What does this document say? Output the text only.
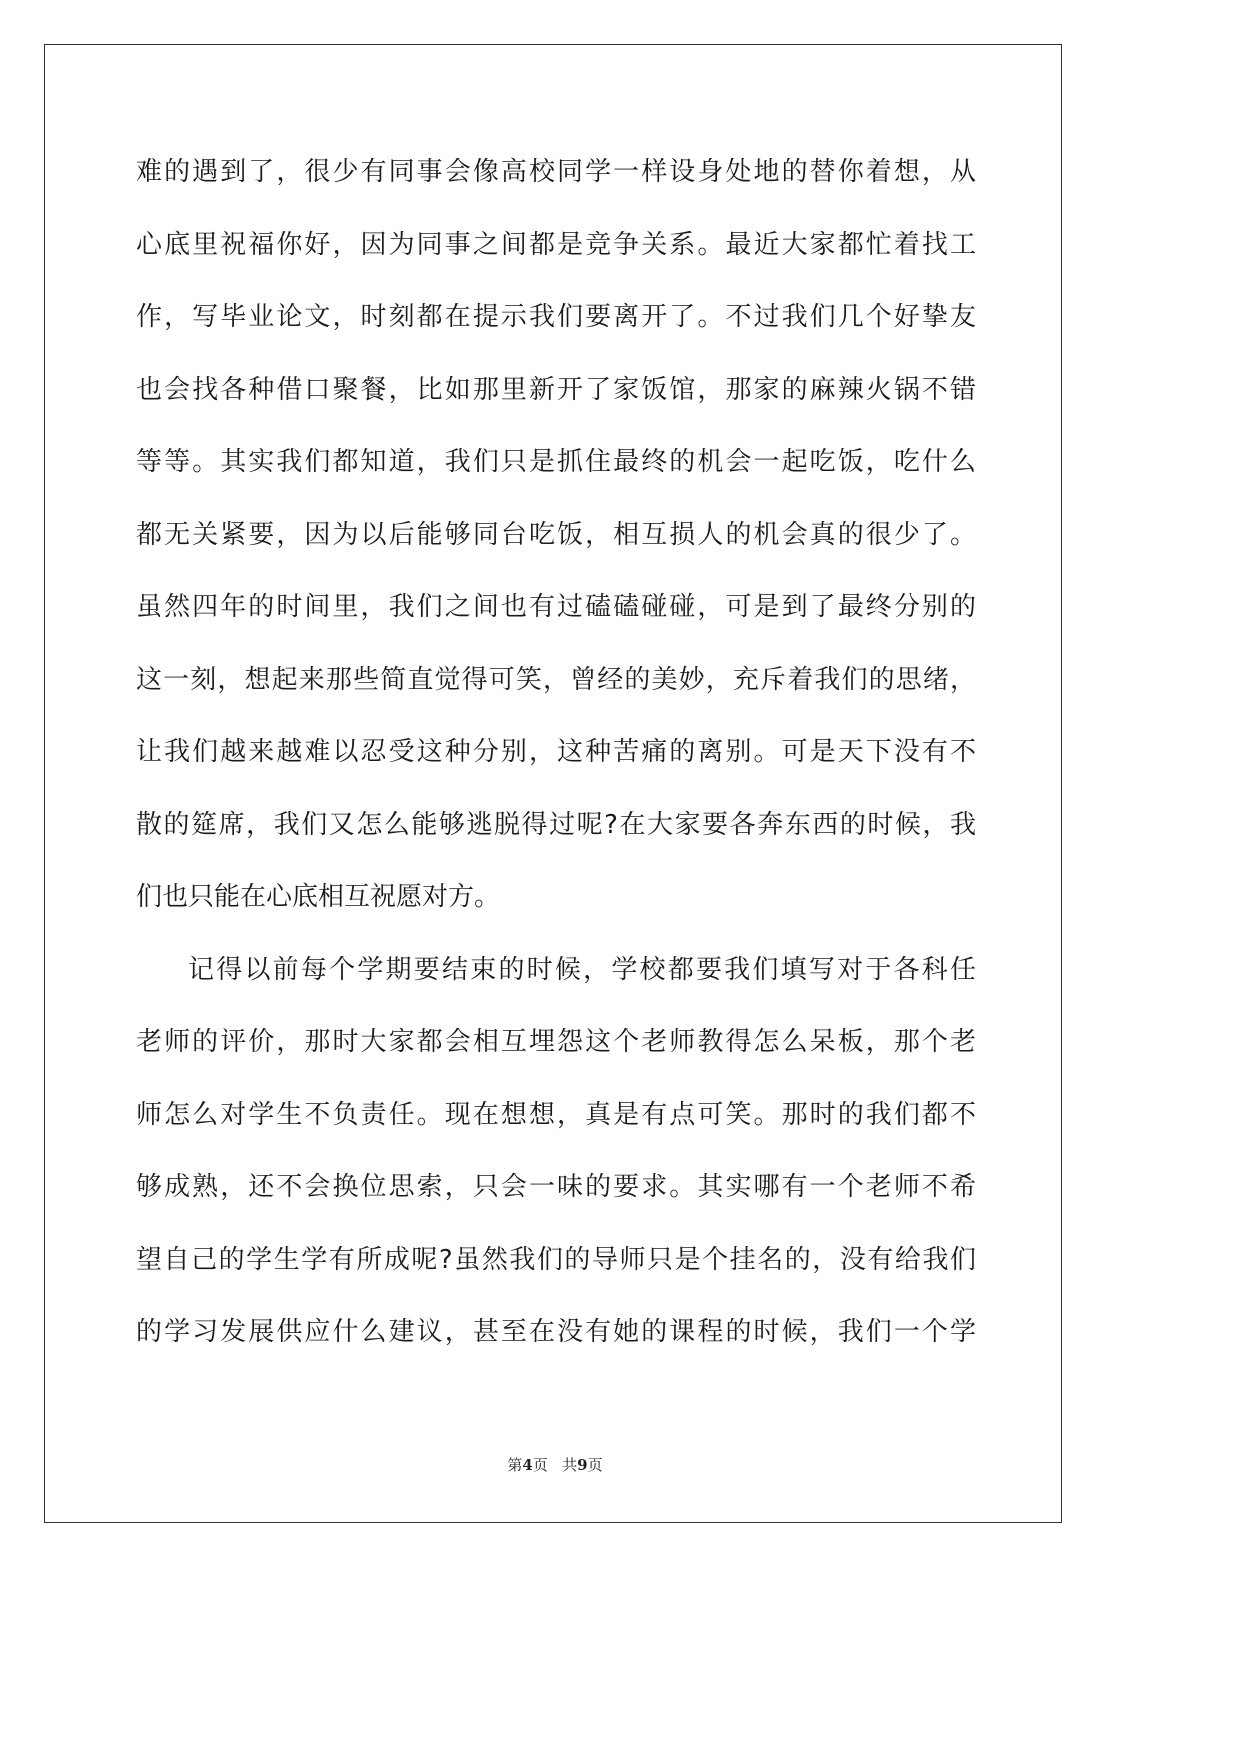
难的遇到了，很少有同事会像高校同学一样设身处地的替你着想，从
心底里祝福你好，因为同事之间都是竞争关系。最近大家都忙着找工
作，写毕业论文，时刻都在提示我们要离开了。不过我们几个好挚友
也会找各种借口聚餐，比如那里新开了家饭馆，那家的麻辣火锅不错
等等。其实我们都知道，我们只是抓住最终的机会一起吃饭，吃什么
都无关紧要，因为以后能够同台吃饭，相互损人的机会真的很少了。
虽然四年的时间里，我们之间也有过磕磕碰碰，可是到了最终分别的
这一刻，想起来那些简直觉得可笑，曾经的美妙，充斥着我们的思绪，
让我们越来越难以忍受这种分别，这种苦痛的离别。可是天下没有不
散的筵席，我们又怎么能够逃脱得过呢?在大家要各奔东西的时候，我
们也只能在心底相互祝愿对方。
记得以前每个学期要结束的时候，学校都要我们填写对于各科任
老师的评价，那时大家都会相互埋怨这个老师教得怎么呆板，那个老
师怎么对学生不负责任。现在想想，真是有点可笑。那时的我们都不
够成熟，还不会换位思索，只会一味的要求。其实哪有一个老师不希
望自己的学生学有所成呢?虽然我们的导师只是个挂名的，没有给我们
的学习发展供应什么建议，甚至在没有她的课程的时候，我们一个学
第4页 共9页
